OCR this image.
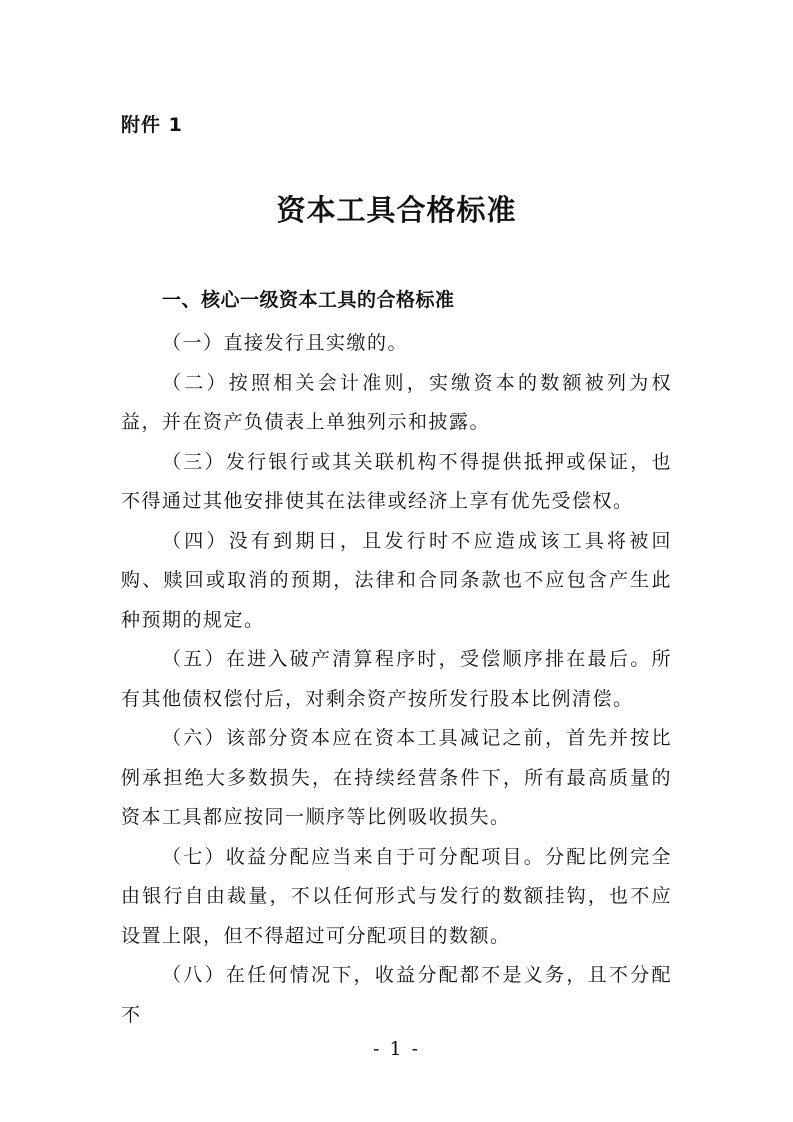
附件 1
资本工具合格标准
一、核心一级资本工具的合格标准

（一）直接发行且实缴的。

（二）按照相关会计准则，实缴资本的数额被列为权益，并在资产负债表上单独列示和披露。

（三）发行银行或其关联机构不得提供抵押或保证，也不得通过其他安排使其在法律或经济上享有优先受偿权。

（四）没有到期日，且发行时不应造成该工具将被回购、赎回或取消的预期，法律和合同条款也不应包含产生此种预期的规定。

（五）在进入破产清算程序时，受偿顺序排在最后。所有其他债权偿付后，对剩余资产按所发行股本比例清偿。

（六）该部分资本应在资本工具减记之前，首先并按比例承担绝大多数损失，在持续经营条件下，所有最高质量的资本工具都应按同一顺序等比例吸收损失。

（七）收益分配应当来自于可分配项目。分配比例完全由银行自由裁量，不以任何形式与发行的数额挂钩，也不应设置上限，但不得超过可分配项目的数额。

（八）在任何情况下，收益分配都不是义务，且不分配不

- 1 -
